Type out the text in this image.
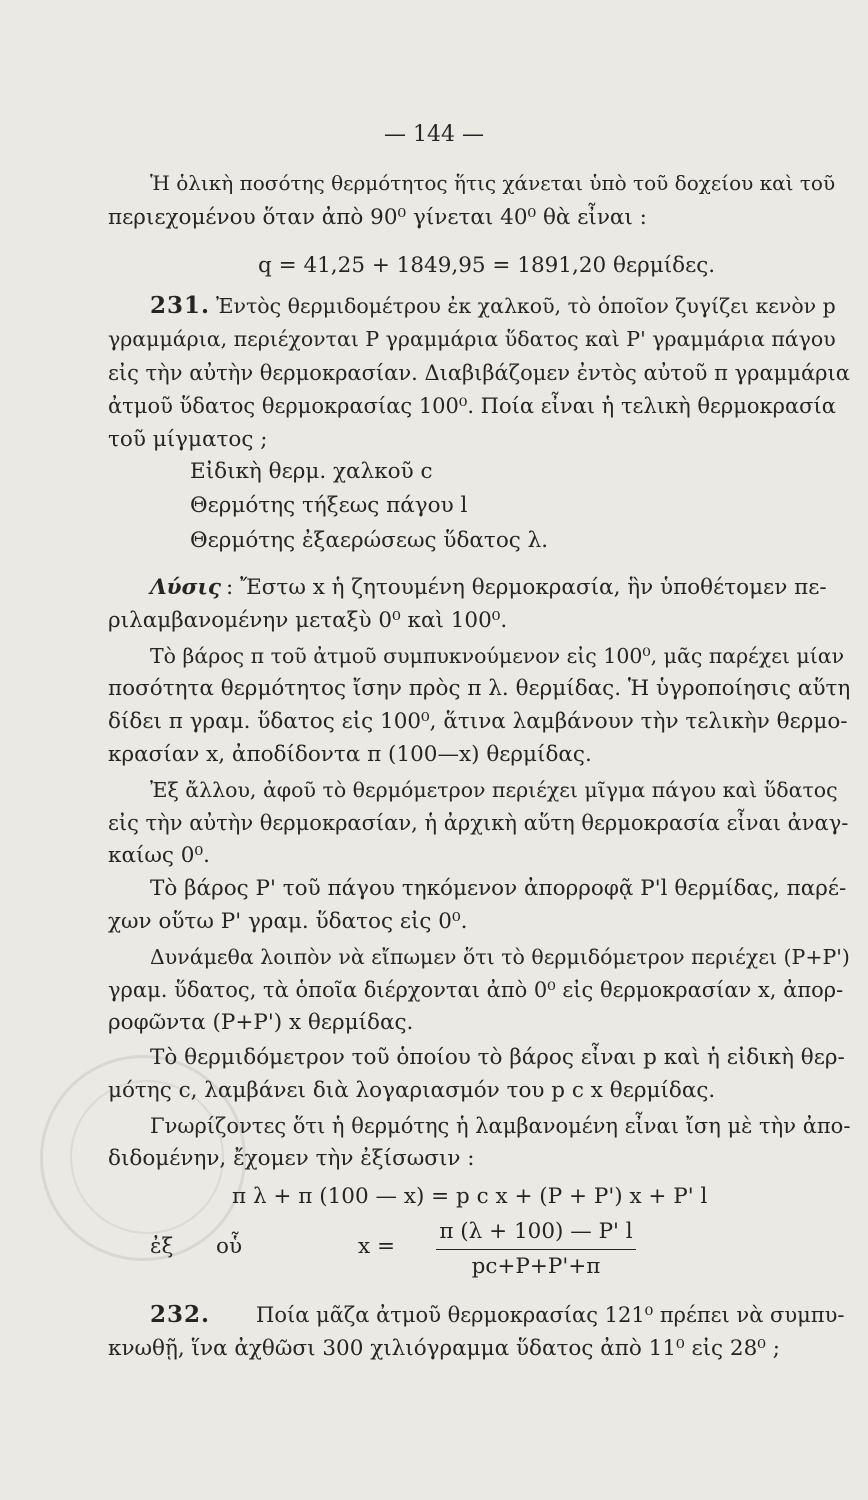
— 144 —
Ἡ ὁλικὴ ποσότης θερμότητος ἥτις χάνεται ὑπὸ τοῦ δοχείου καὶ τοῦ
περιεχομένου ὅταν ἀπὸ 90⁰ γίνεται 40⁰ θὰ εἶναι :
q = 41,25 + 1849,95 = 1891,20 θερμίδες.
231. Ἐντὸς θερμιδομέτρου ἐκ χαλκοῦ, τὸ ὁποῖον ζυγίζει κενὸν p
γραμμάρια, περιέχονται Ρ γραμμάρια ὕδατος καὶ Ρ' γραμμάρια πάγου
εἰς τὴν αὐτὴν θερμοκρασίαν. Διαβιβάζομεν ἐντὸς αὐτοῦ π γραμμάρια
ἀτμοῦ ὕδατος θερμοκρασίας 100⁰. Ποία εἶναι ἡ τελικὴ θερμοκρασία
τοῦ μίγματος ;
Εἰδικὴ θερμ. χαλκοῦ c
Θερμότης τήξεως πάγου l
Θερμότης ἐξαερώσεως ὕδατος λ.
Λύσις : Ἔστω x ἡ ζητουμένη θερμοκρασία, ἣν ὑποθέτομεν πε-
ριλαμβανομένην μεταξὺ 0⁰ καὶ 100⁰.
Τὸ βάρος π τοῦ ἀτμοῦ συμπυκνούμενον εἰς 100⁰, μᾶς παρέχει μίαν
ποσότητα θερμότητος ἴσην πρὸς π λ. θερμίδας. Ἡ ὑγροποίησις αὕτη
δίδει π γραμ. ὕδατος εἰς 100⁰, ἅτινα λαμβάνουν τὴν τελικὴν θερμο-
κρασίαν x, ἀποδίδοντα π (100—x) θερμίδας.
Ἐξ ἄλλου, ἀφοῦ τὸ θερμόμετρον περιέχει μῖγμα πάγου καὶ ὕδατος
εἰς τὴν αὐτὴν θερμοκρασίαν, ἡ ἀρχικὴ αὕτη θερμοκρασία εἶναι ἀναγ-
καίως 0⁰.
Τὸ βάρος Ρ' τοῦ πάγου τηκόμενον ἀπορροφᾷ Ρ'l θερμίδας, παρέ-
χων οὕτω Ρ' γραμ. ὕδατος εἰς 0⁰.
Δυνάμεθα λοιπὸν νὰ εἴπωμεν ὅτι τὸ θερμιδόμετρον περιέχει (Ρ+Ρ')
γραμ. ὕδατος, τὰ ὁποῖα διέρχονται ἀπὸ 0⁰ εἰς θερμοκρασίαν x, ἀπορ-
ροφῶντα (Ρ+Ρ') x θερμίδας.
Τὸ θερμιδόμετρον τοῦ ὁποίου τὸ βάρος εἶναι p καὶ ἡ εἰδικὴ θερ-
μότης c, λαμβάνει διὰ λογαριασμόν του p c x θερμίδας.
Γνωρίζοντες ὅτι ἡ θερμότης ἡ λαμβανομένη εἶναι ἴση μὲ τὴν ἀπο-
διδομένην, ἔχομεν τὴν ἐξίσωσιν :
π λ + π (100 — x) = p c x + (Ρ + Ρ') x + Ρ' l
ἐξ οὗ	$x = \frac{\pi (\lambda + 100) — P' l}{pc+P+P'+\pi}$
232. Ποία μᾶζα ἀτμοῦ θερμοκρασίας 121⁰ πρέπει νὰ συμπυ-
κνωθῇ, ἵνα ἀχθῶσι 300 χιλιόγραμμα ὕδατος ἀπὸ 11⁰ εἰς 28⁰ ;
